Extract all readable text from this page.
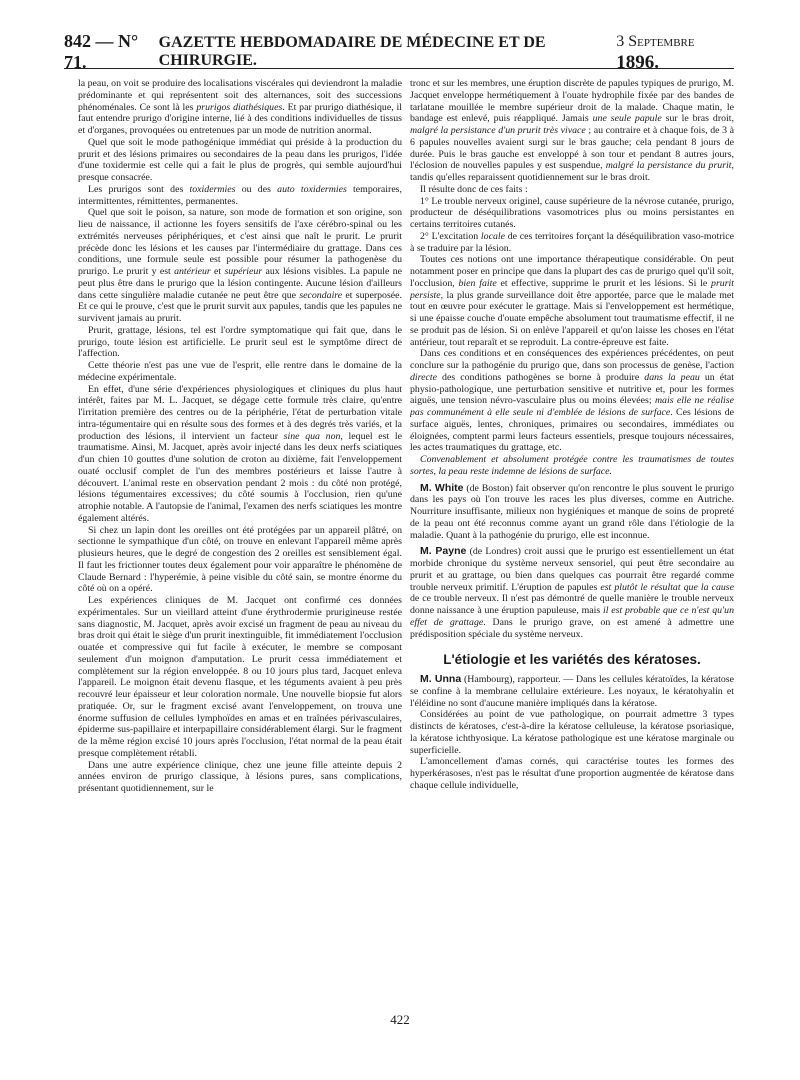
842 — N° 71.
GAZETTE HEBDOMADAIRE DE MÉDECINE ET DE CHIRURGIE.
3 Septembre 1896.

la peau, on voit se produire des localisations viscérales qui deviendront la maladie prédominante et qui représentent soit des alternances, soit des successions phénoménales. Ce sont là les prurigos diathésiques. Et par prurigo diathésique, il faut entendre prurigo d'origine interne, lié à des conditions individuelles de tissus et d'organes, provoquées ou entretenues par un mode de nutrition anormal.

Quel que soit le mode pathogénique immédiat qui préside à la production du prurit et des lésions primaires ou secondaires de la peau dans les prurigos, l'idée d'une toxidermie est celle qui a fait le plus de progrès, qui semble aujourd'hui presque consacrée.

Les prurigos sont des toxidermies ou des auto toxidermies temporaires, intermittentes, rémittentes, permanentes.

Quel que soit le poison, sa nature, son mode de formation et son origine, son lieu de naissance, il actionne les foyers sensitifs de l'axe cérébro-spinal ou les extrémités nerveuses périphériques, et c'est ainsi que naît le prurit. Le prurit précède donc les lésions et les causes par l'intermédiaire du grattage. Dans ces conditions, une formule seule est possible pour résumer la pathogenèse du prurigo. Le prurit y est antérieur et supérieur aux lésions visibles. La papule ne peut plus être dans le prurigo que la lésion contingente. Aucune lésion d'ailleurs dans cette singulière maladie cutanée ne peut être que secondaire et superposée. Et ce qui le prouve, c'est que le prurit survit aux papules, tandis que les papules ne survivent jamais au prurit.

Prurit, grattage, lésions, tel est l'ordre symptomatique qui fait que, dans le prurigo, toute lésion est artificielle. Le prurit seul est le symptôme direct de l'affection.

Cette théorie n'est pas une vue de l'esprit, elle rentre dans le domaine de la médecine expérimentale.

En effet, d'une série d'expériences physiologiques et cliniques du plus haut intérêt, faites par M. L. Jacquet, se dégage cette formule très claire, qu'entre l'irritation première des centres ou de la périphérie, l'état de perturbation vitale intra-tégumentaire qui en résulte sous des formes et à des degrés très variés, et la production des lésions, il intervient un facteur sine qua non, lequel est le traumatisme. Ainsi, M. Jacquet, après avoir injecté dans les deux nerfs sciatiques d'un chien 10 gouttes d'une solution de croton au dixième, fait l'enveloppement ouaté occlusif complet de l'un des membres postérieurs et laisse l'autre à découvert. L'animal reste en observation pendant 2 mois : du côté non protégé, lésions tégumentaires excessives; du côté soumis à l'occlusion, rien qu'une atrophie notable. A l'autopsie de l'animal, l'examen des nerfs sciatiques les montre également altérés.

Si chez un lapin dont les oreilles ont été protégées par un appareil plâtré, on sectionne le sympathique d'un côté, on trouve en enlevant l'appareil même après plusieurs heures, que le degré de congestion des 2 oreilles est sensiblement égal. Il faut les frictionner toutes deux également pour voir apparaître le phénomène de Claude Bernard : l'hyperémie, à peine visible du côté sain, se montre énorme du côté où on a opéré.

Les expériences cliniques de M. Jacquet ont confirmé ces données expérimentales. Sur un vieillard atteint d'une érythrodermie prurigineuse restée sans diagnostic, M. Jacquet, après avoir excisé un fragment de peau au niveau du bras droit qui était le siège d'un prurit inextinguible, fit immédiatement l'occlusion ouatée et compressive qui fut facile à exécuter, le membre se composant seulement d'un moignon d'amputation. Le prurit cessa immédiatement et complètement sur la région enveloppée. 8 ou 10 jours plus tard, Jacquet enleva l'appareil. Le moignon était devenu flasque, et les téguments avaient à peu près recouvré leur épaisseur et leur coloration normale. Une nouvelle biopsie fut alors pratiquée. Or, sur le fragment excisé avant l'enveloppement, on trouva une énorme suffusion de cellules lymphoïdes en amas et en traînées périvasculaires, épiderme sus-papillaire et interpapillaire considérablement élargi. Sur le fragment de la même région excisé 10 jours après l'occlusion, l'état normal de la peau était presque complètement rétabli.

Dans une autre expérience clinique, chez une jeune fille atteinte depuis 2 années environ de prurigo classique, à lésions pures, sans complications, présentant quotidiennement, sur le

tronc et sur les membres, une éruption discrète de papules typiques de prurigo, M. Jacquet enveloppe hermétiquement à l'ouate hydrophile fixée par des bandes de tarlatane mouillée le membre supérieur droit de la malade. Chaque matin, le bandage est enlevé, puis réappliqué. Jamais une seule papule sur le bras droit, malgré la persistance d'un prurit très vivace ; au contraire et à chaque fois, de 3 à 6 papules nouvelles avaient surgi sur le bras gauche; cela pendant 8 jours de durée. Puis le bras gauche est enveloppé à son tour et pendant 8 autres jours, l'éclosion de nouvelles papules y est suspendue, malgré la persistance du prurit, tandis qu'elles reparaissent quotidiennement sur le bras droit.

Il résulte donc de ces faits :

1° Le trouble nerveux originel, cause supérieure de la névrose cutanée, prurigo, producteur de déséquilibrations vasomotrices plus ou moins persistantes en certains territoires cutanés.

2° L'excitation locale de ces territoires forçant la déséquilibration vaso-motrice à se traduire par la lésion.

Toutes ces notions ont une importance thérapeutique considérable. On peut notamment poser en principe que dans la plupart des cas de prurigo quel qu'il soit, l'occlusion, bien faite et effective, supprime le prurit et les lésions. Si le prurit persiste, la plus grande surveillance doit être apportée, parce que le malade met tout en œuvre pour exécuter le grattage. Mais si l'enveloppement est hermétique, si une épaisse couche d'ouate empêche absolument tout traumatisme effectif, il ne se produit pas de lésion. Si on enlève l'appareil et qu'on laisse les choses en l'état antérieur, tout reparaît et se reproduit. La contre-épreuve est faite.

Dans ces conditions et en conséquences des expériences précédentes, on peut conclure sur la pathogénie du prurigo que, dans son processus de genèse, l'action directe des conditions pathogènes se borne à produire dans la peau un état physio-pathologique, une perturbation sensitive et nutritive et, pour les formes aiguës, une tension névro-vasculaire plus ou moins élevées; mais elle ne réalise pas communément à elle seule ni d'emblée de lésions de surface. Ces lésions de surface aiguës, lentes, chroniques, primaires ou secondaires, immédiates ou éloignées, comptent parmi leurs facteurs essentiels, presque toujours nécessaires, les actes traumatiques du grattage, etc.

Convenablement et absolument protégée contre les traumatismes de toutes sortes, la peau reste indemne de lésions de surface.

M. White (de Boston) fait observer qu'on rencontre le plus souvent le prurigo dans les pays où l'on trouve les races les plus diverses, comme en Autriche. Nourriture insuffisante, milieux non hygiéniques et manque de soins de propreté de la peau ont été reconnus comme ayant un grand rôle dans l'étiologie de la maladie. Quant à la pathogénie du prurigo, elle est inconnue.

M. Payne (de Londres) croit aussi que le prurigo est essentiellement un état morbide chronique du système nerveux sensoriel, qui peut être secondaire au prurit et au grattage, ou bien dans quelques cas pourrait être regardé comme trouble nerveux primitif. L'éruption de papules est plutôt le résultat que la cause de ce trouble nerveux. Il n'est pas démontré de quelle manière le trouble nerveux donne naissance à une éruption papuleuse, mais il est probable que ce n'est qu'un effet de grattage. Dans le prurigo grave, on est amené à admettre une prédisposition spéciale du système nerveux.

L'étiologie et les variétés des kératoses.

M. Unna (Hambourg), rapporteur. — Dans les cellules kératoïdes, la kératose se confine à la membrane cellulaire extérieure. Les noyaux, le kératohyalin et l'éléidine no sont d'aucune manière impliqués dans la kératose.

Considérées au point de vue pathologique, on pourrait admettre 3 types distincts de kératoses, c'est-à-dire la kératose celluleuse, la kératose psoriasique, la kératose ichthyosique. La kératose pathologique est une kératose marginale ou superficielle.

L'amoncellement d'amas cornés, qui caractérise toutes les formes des hyperkérasoses, n'est pas le résultat d'une proportion augmentée de kératose dans chaque cellule individuelle,

422
